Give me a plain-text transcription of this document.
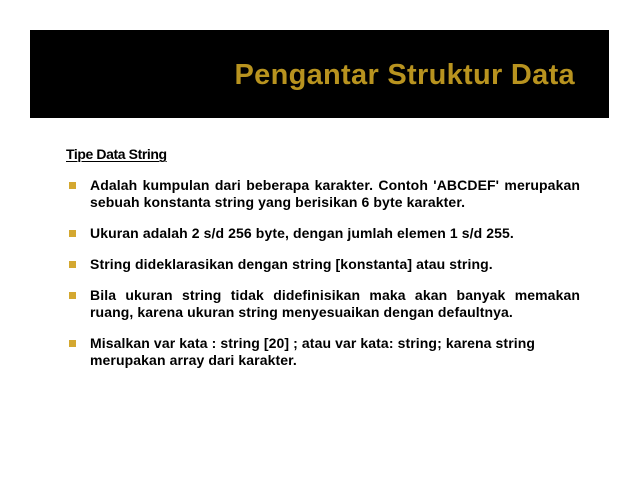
Pengantar Struktur Data
Tipe Data String
Adalah kumpulan dari beberapa karakter. Contoh 'ABCDEF' merupakan sebuah konstanta string yang berisikan 6 byte karakter.
Ukuran adalah 2 s/d 256 byte, dengan jumlah elemen 1 s/d 255.
String dideklarasikan dengan string [konstanta] atau string.
Bila ukuran string tidak didefinisikan maka akan banyak memakan ruang, karena ukuran string menyesuaikan dengan defaultnya.
Misalkan var kata : string [20] ; atau var kata: string; karena string merupakan array dari karakter.
